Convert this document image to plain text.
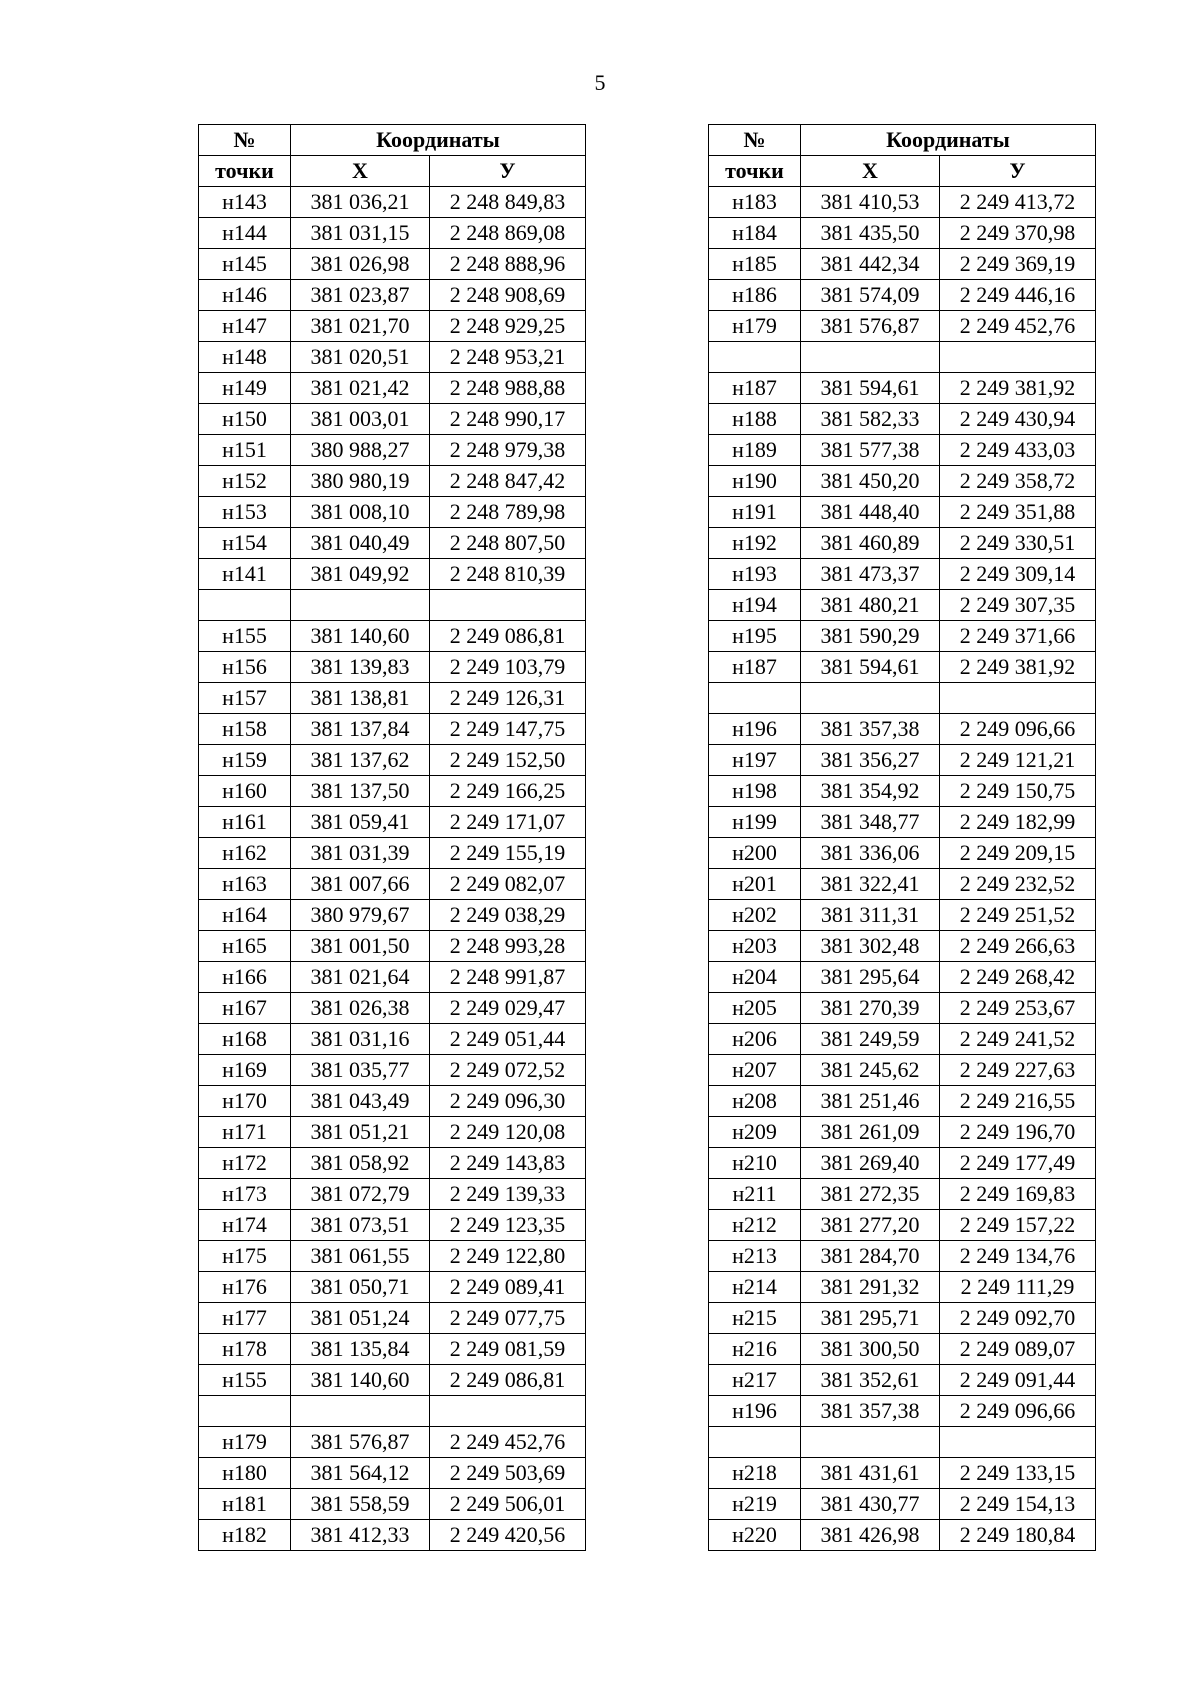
5
№	Координаты	
точки	X	У
н143	381 036,21	2 248 849,83
н144	381 031,15	2 248 869,08
н145	381 026,98	2 248 888,96
н146	381 023,87	2 248 908,69
н147	381 021,70	2 248 929,25
н148	381 020,51	2 248 953,21
н149	381 021,42	2 248 988,88
н150	381 003,01	2 248 990,17
н151	380 988,27	2 248 979,38
н152	380 980,19	2 248 847,42
н153	381 008,10	2 248 789,98
н154	381 040,49	2 248 807,50
н141	381 049,92	2 248 810,39

н155	381 140,60	2 249 086,81
н156	381 139,83	2 249 103,79
н157	381 138,81	2 249 126,31
н158	381 137,84	2 249 147,75
н159	381 137,62	2 249 152,50
н160	381 137,50	2 249 166,25
н161	381 059,41	2 249 171,07
н162	381 031,39	2 249 155,19
н163	381 007,66	2 249 082,07
н164	380 979,67	2 249 038,29
н165	381 001,50	2 248 993,28
н166	381 021,64	2 248 991,87
н167	381 026,38	2 249 029,47
н168	381 031,16	2 249 051,44
н169	381 035,77	2 249 072,52
н170	381 043,49	2 249 096,30
н171	381 051,21	2 249 120,08
н172	381 058,92	2 249 143,83
н173	381 072,79	2 249 139,33
н174	381 073,51	2 249 123,35
н175	381 061,55	2 249 122,80
н176	381 050,71	2 249 089,41
н177	381 051,24	2 249 077,75
н178	381 135,84	2 249 081,59
н155	381 140,60	2 249 086,81

н179	381 576,87	2 249 452,76
н180	381 564,12	2 249 503,69
н181	381 558,59	2 249 506,01
н182	381 412,33	2 249 420,56
№	Координаты	
точки	X	У
н183	381 410,53	2 249 413,72
н184	381 435,50	2 249 370,98
н185	381 442,34	2 249 369,19
н186	381 574,09	2 249 446,16
н179	381 576,87	2 249 452,76

н187	381 594,61	2 249 381,92
н188	381 582,33	2 249 430,94
н189	381 577,38	2 249 433,03
н190	381 450,20	2 249 358,72
н191	381 448,40	2 249 351,88
н192	381 460,89	2 249 330,51
н193	381 473,37	2 249 309,14
н194	381 480,21	2 249 307,35
н195	381 590,29	2 249 371,66
н187	381 594,61	2 249 381,92

н196	381 357,38	2 249 096,66
н197	381 356,27	2 249 121,21
н198	381 354,92	2 249 150,75
н199	381 348,77	2 249 182,99
н200	381 336,06	2 249 209,15
н201	381 322,41	2 249 232,52
н202	381 311,31	2 249 251,52
н203	381 302,48	2 249 266,63
н204	381 295,64	2 249 268,42
н205	381 270,39	2 249 253,67
н206	381 249,59	2 249 241,52
н207	381 245,62	2 249 227,63
н208	381 251,46	2 249 216,55
н209	381 261,09	2 249 196,70
н210	381 269,40	2 249 177,49
н211	381 272,35	2 249 169,83
н212	381 277,20	2 249 157,22
н213	381 284,70	2 249 134,76
н214	381 291,32	2 249 111,29
н215	381 295,71	2 249 092,70
н216	381 300,50	2 249 089,07
н217	381 352,61	2 249 091,44
н196	381 357,38	2 249 096,66

н218	381 431,61	2 249 133,15
н219	381 430,77	2 249 154,13
н220	381 426,98	2 249 180,84
